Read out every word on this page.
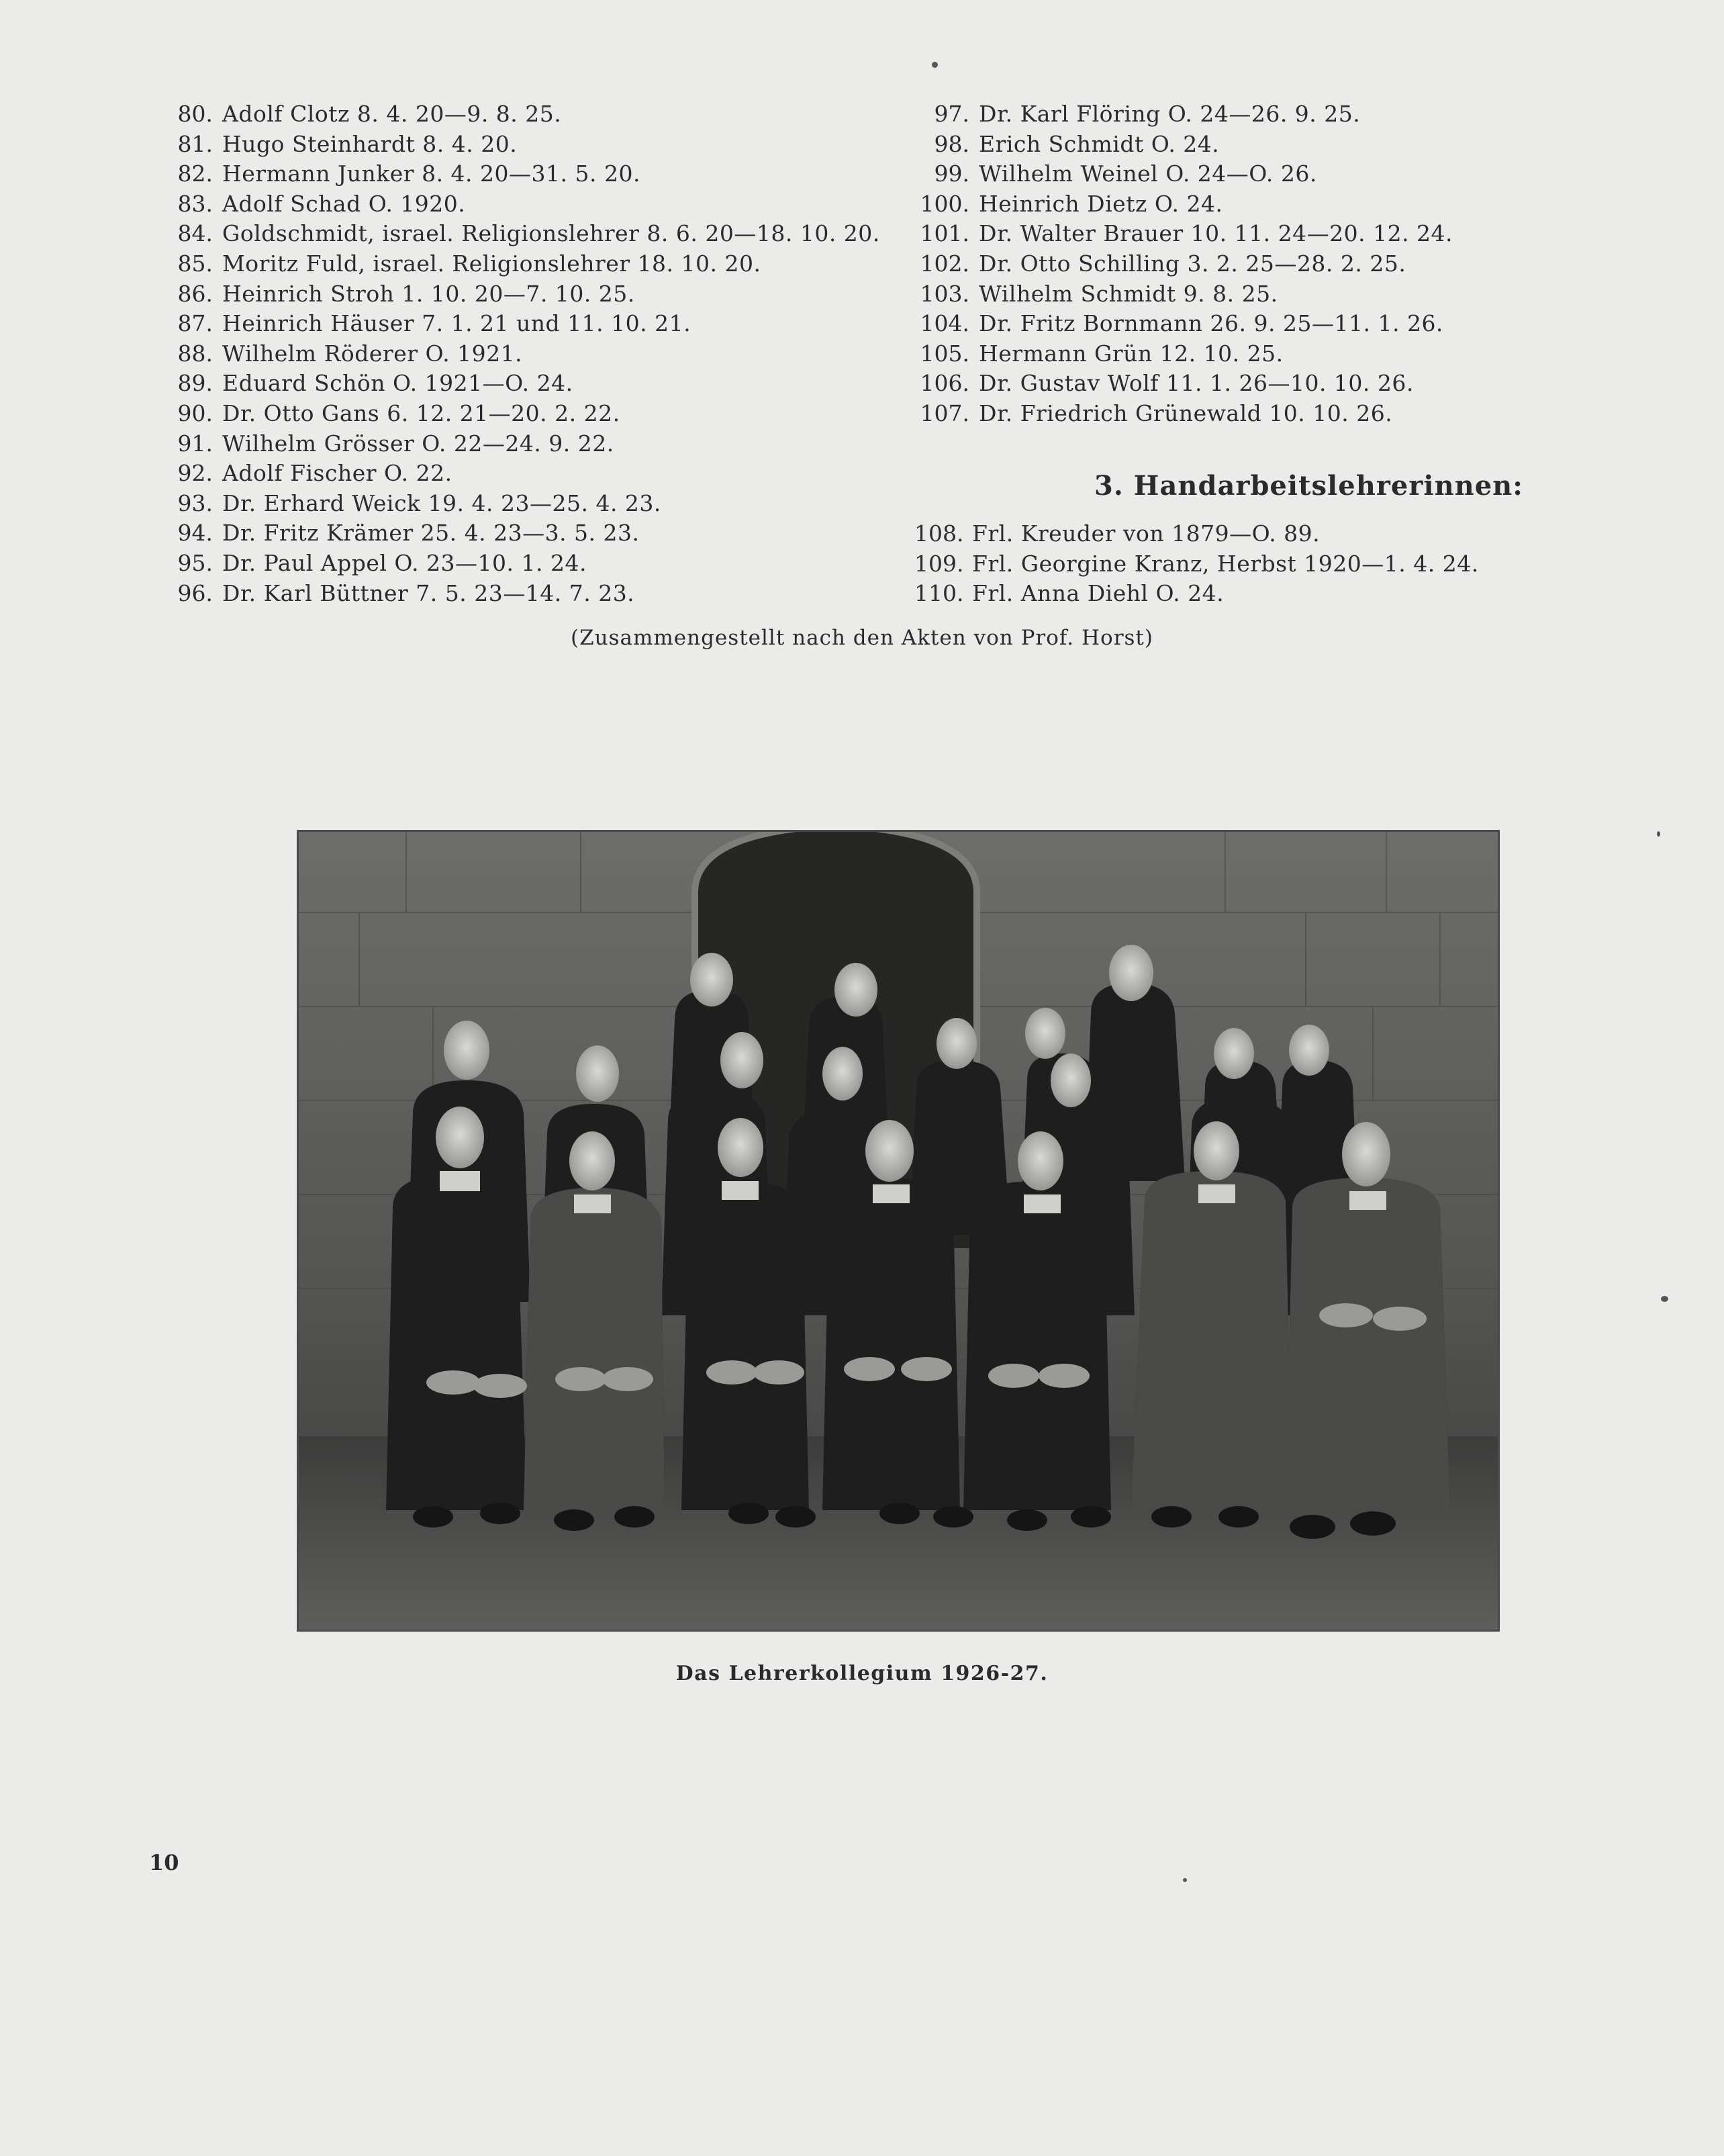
80. Adolf Clotz 8. 4. 20—9. 8. 25.
81. Hugo Steinhardt 8. 4. 20.
82. Hermann Junker 8. 4. 20—31. 5. 20.
83. Adolf Schad O. 1920.
84. Goldschmidt, israel. Religionslehrer 8. 6. 20—18. 10. 20.
85. Moritz Fuld, israel. Religionslehrer 18. 10. 20.
86. Heinrich Stroh 1. 10. 20—7. 10. 25.
87. Heinrich Häuser 7. 1. 21 und 11. 10. 21.
88. Wilhelm Röderer O. 1921.
89. Eduard Schön O. 1921—O. 24.
90. Dr. Otto Gans 6. 12. 21—20. 2. 22.
91. Wilhelm Grösser O. 22—24. 9. 22.
92. Adolf Fischer O. 22.
93. Dr. Erhard Weick 19. 4. 23—25. 4. 23.
94. Dr. Fritz Krämer 25. 4. 23—3. 5. 23.
95. Dr. Paul Appel O. 23—10. 1. 24.
96. Dr. Karl Büttner 7. 5. 23—14. 7. 23.
97. Dr. Karl Flöring O. 24—26. 9. 25.
98. Erich Schmidt O. 24.
99. Wilhelm Weinel O. 24—O. 26.
100. Heinrich Dietz O. 24.
101. Dr. Walter Brauer 10. 11. 24—20. 12. 24.
102. Dr. Otto Schilling 3. 2. 25—28. 2. 25.
103. Wilhelm Schmidt 9. 8. 25.
104. Dr. Fritz Bornmann 26. 9. 25—11. 1. 26.
105. Hermann Grün 12. 10. 25.
106. Dr. Gustav Wolf 11. 1. 26—10. 10. 26.
107. Dr. Friedrich Grünewald 10. 10. 26.
3. Handarbeitslehrerinnen:
108. Frl. Kreuder von 1879—O. 89.
109. Frl. Georgine Kranz, Herbst 1920—1. 4. 24.
110. Frl. Anna Diehl O. 24.
(Zusammengestellt nach den Akten von Prof. Horst)
Das Lehrerkollegium 1926-27.
10
